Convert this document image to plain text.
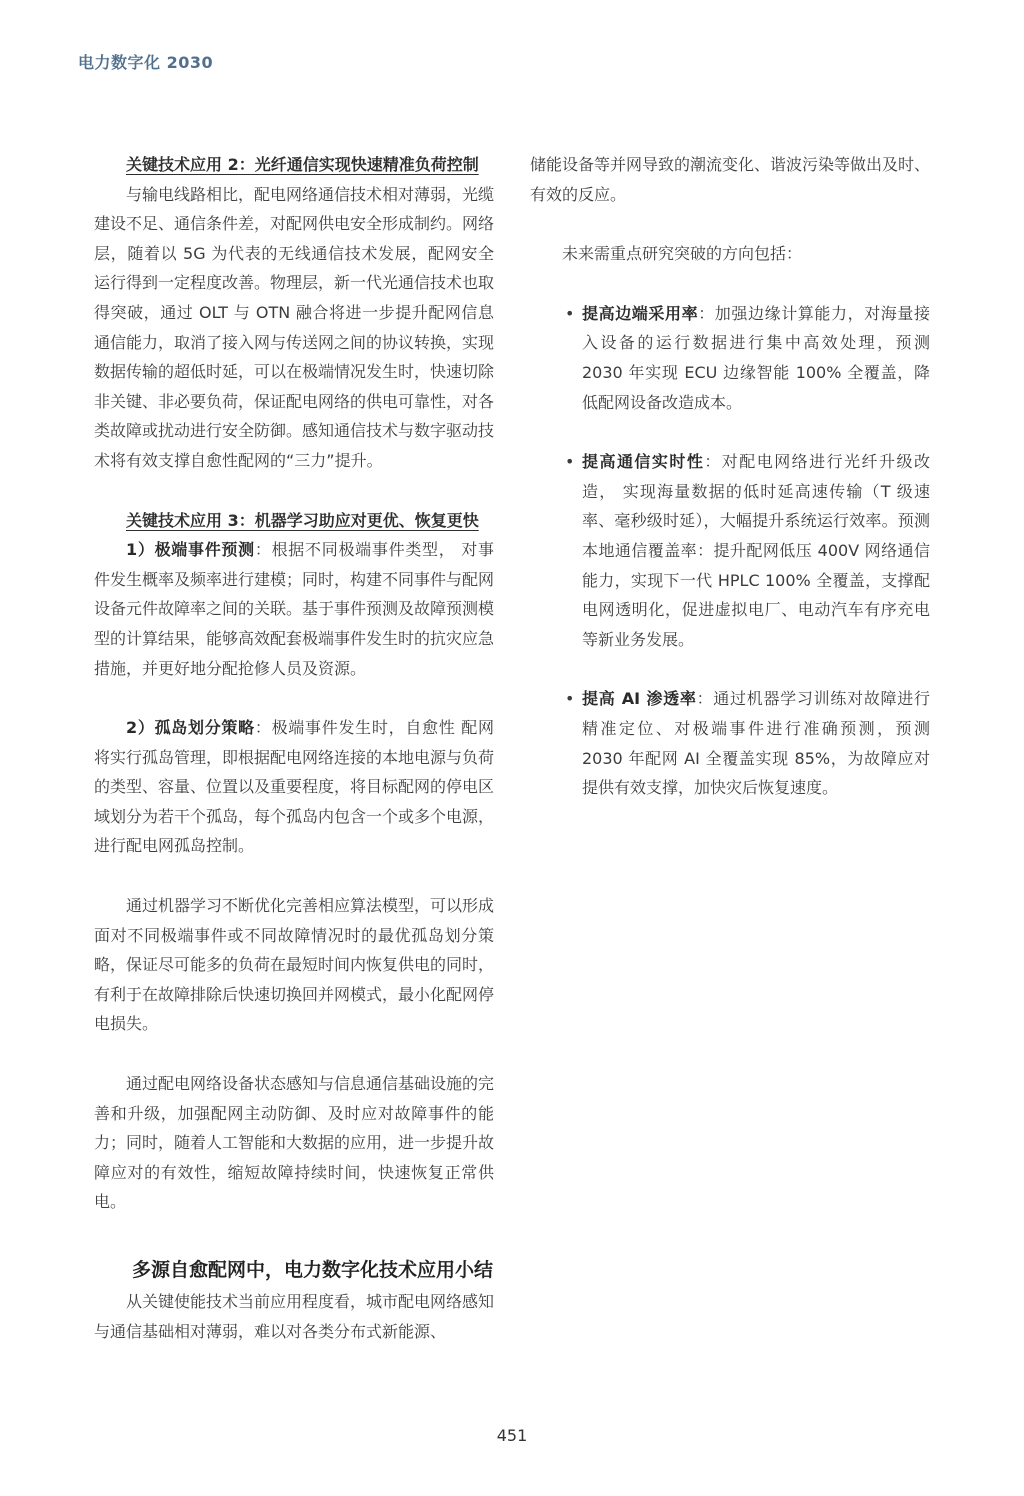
电力数字化 2030

关键技术应用 2：光纤通信实现快速精准负荷控制

与输电线路相比，配电网络通信技术相对薄弱，光缆建设不足、通信条件差，对配网供电安全形成制约。网络层，随着以 5G 为代表的无线通信技术发展，配网安全运行得到一定程度改善。物理层，新一代光通信技术也取得突破，通过 OLT 与 OTN 融合将进一步提升配网信息通信能力，取消了接入网与传送网之间的协议转换，实现数据传输的超低时延，可以在极端情况发生时，快速切除非关键、非必要负荷，保证配电网络的供电可靠性，对各类故障或扰动进行安全防御。感知通信技术与数字驱动技术将有效支撑自愈性配网的“三力”提升。

关键技术应用 3：机器学习助应对更优、恢复更快

1）极端事件预测：根据不同极端事件类型， 对事件发生概率及频率进行建模；同时，构建不同事件与配网设备元件故障率之间的关联。基于事件预测及故障预测模型的计算结果，能够高效配套极端事件发生时的抗灾应急措施，并更好地分配抢修人员及资源。

2）孤岛划分策略：极端事件发生时，自愈性 配网将实行孤岛管理，即根据配电网络连接的本地电源与负荷的类型、容量、位置以及重要程度，将目标配网的停电区域划分为若干个孤岛，每个孤岛内包含一个或多个电源，进行配电网孤岛控制。

通过机器学习不断优化完善相应算法模型，可以形成面对不同极端事件或不同故障情况时的最优孤岛划分策略，保证尽可能多的负荷在最短时间内恢复供电的同时，有利于在故障排除后快速切换回并网模式，最小化配网停电损失。

通过配电网络设备状态感知与信息通信基础设施的完善和升级，加强配网主动防御、及时应对故障事件的能力；同时，随着人工智能和大数据的应用，进一步提升故障应对的有效性，缩短故障持续时间，快速恢复正常供电。

多源自愈配网中，电力数字化技术应用小结

从关键使能技术当前应用程度看，城市配电网络感知与通信基础相对薄弱，难以对各类分布式新能源、

储能设备等并网导致的潮流变化、谐波污染等做出及时、有效的反应。

未来需重点研究突破的方向包括：

• 提高边端采用率：加强边缘计算能力，对海量接入设备的运行数据进行集中高效处理，预测 2030 年实现 ECU 边缘智能 100% 全覆盖，降低配网设备改造成本。

• 提高通信实时性：对配电网络进行光纤升级改造， 实现海量数据的低时延高速传输（T 级速率、毫秒级时延），大幅提升系统运行效率。预测本地通信覆盖率：提升配网低压 400V 网络通信能力，实现下一代 HPLC 100% 全覆盖，支撑配电网透明化，促进虚拟电厂、电动汽车有序充电等新业务发展。

• 提高 AI 渗透率：通过机器学习训练对故障进行精准定位、对极端事件进行准确预测，预测 2030 年配网 AI 全覆盖实现 85%，为故障应对提供有效支撑，加快灾后恢复速度。

451
